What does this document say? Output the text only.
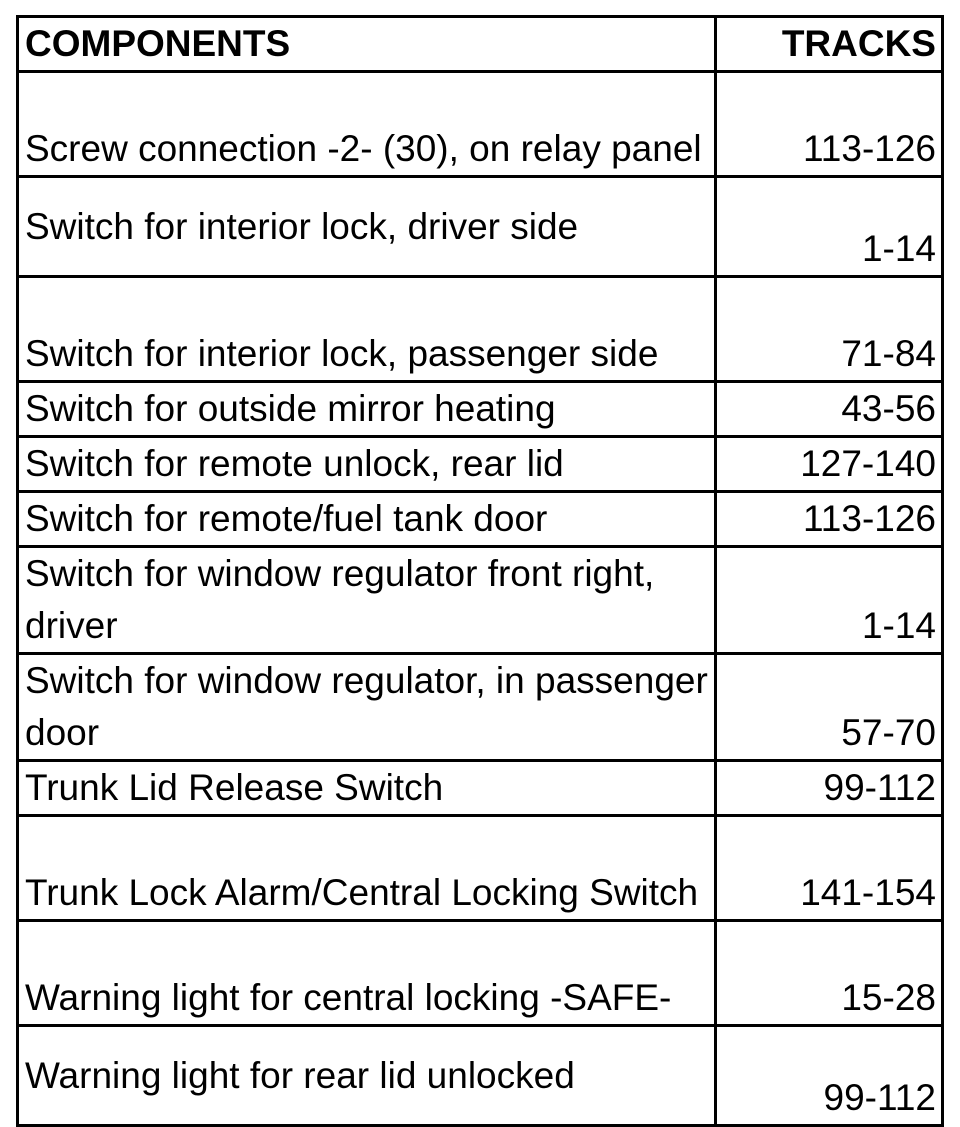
COMPONENTS	TRACKS
Screw connection -2- (30), on relay panel	113-126
Switch for interior lock, driver side	1-14
Switch for interior lock, passenger side	71-84
Switch for outside mirror heating	43-56
Switch for remote unlock, rear lid	127-140
Switch for remote/fuel tank door	113-126
Switch for window regulator front right, driver	1-14
Switch for window regulator, in passenger door	57-70
Trunk Lid Release Switch	99-112
Trunk Lock Alarm/Central Locking Switch	141-154
Warning light for central locking -SAFE-	15-28
Warning light for rear lid unlocked	99-112
